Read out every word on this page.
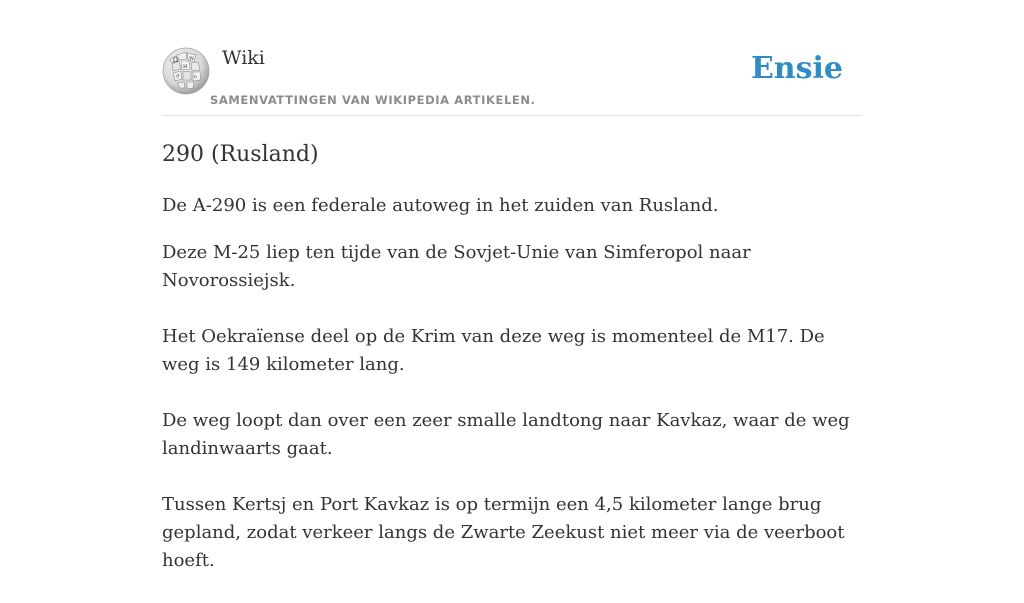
Ω W
И
ウ	ი
Wiki
SAMENVATTINGEN VAN WIKIPEDIA ARTIKELEN.
Ensie
290 (Rusland)

De A-290 is een federale autoweg in het zuiden van Rusland.

Deze M-25 liep ten tijde van de Sovjet-Unie van Simferopol naar Novorossiejsk.

Het Oekraïense deel op de Krim van deze weg is momenteel de M17. De weg is 149 kilometer lang.

De weg loopt dan over een zeer smalle landtong naar Kavkaz, waar de weg landinwaarts gaat.

Tussen Kertsj en Port Kavkaz is op termijn een 4,5 kilometer lange brug gepland, zodat verkeer langs de Zwarte Zeekust niet meer via de veerboot hoeft.
